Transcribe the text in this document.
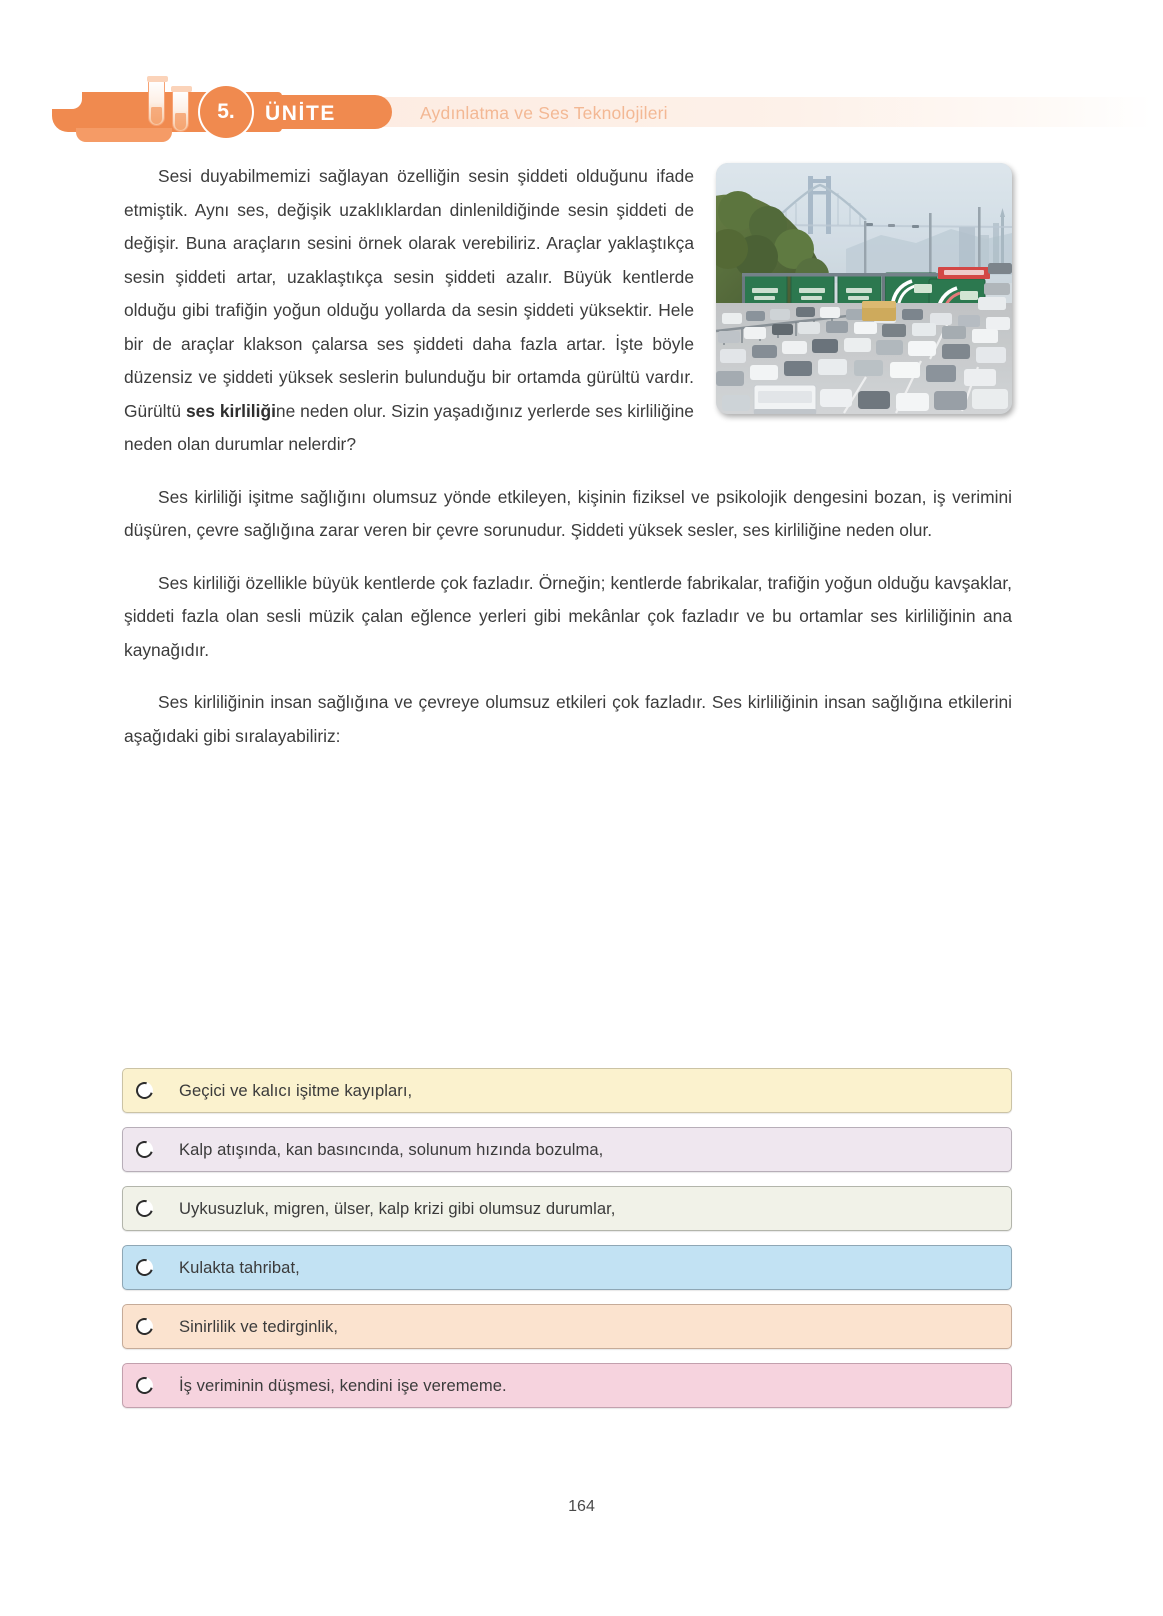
5.	ÜNİTE	Aydınlatma ve Ses Teknolojileri

Sesi duyabilmemizi sağlayan özelliğin sesin şiddeti olduğunu ifade etmiştik. Aynı ses, değişik uzaklıklardan dinlenildiğinde sesin şiddeti de değişir. Buna araçların sesini örnek olarak verebiliriz. Araçlar yaklaştıkça sesin şiddeti artar, uzaklaştıkça sesin şiddeti azalır. Büyük kentlerde olduğu gibi trafiğin yoğun olduğu yollarda da sesin şiddeti yüksektir. Hele bir de araçlar klakson çalarsa ses şiddeti daha fazla artar. İşte böyle düzensiz ve şiddeti yüksek seslerin bulunduğu bir ortamda gürültü vardır. Gürültü ses kirliliğine neden olur. Sizin yaşadığınız yerlerde ses kirliliğine neden olan durumlar nelerdir?

Ses kirliliği işitme sağlığını olumsuz yönde etkileyen, kişinin fiziksel ve psikolojik dengesini bozan, iş verimini düşüren, çevre sağlığına zarar veren bir çevre sorunudur. Şiddeti yüksek sesler, ses kirliliğine neden olur.

Ses kirliliği özellikle büyük kentlerde çok fazladır. Örneğin; kentlerde fabrikalar, trafiğin yoğun olduğu kavşaklar, şiddeti fazla olan sesli müzik çalan eğlence yerleri gibi mekânlar çok fazladır ve bu ortamlar ses kirliliğinin ana kaynağıdır.

Ses kirliliğinin insan sağlığına ve çevreye olumsuz etkileri çok fazladır. Ses kirliliğinin insan sağlığına etkilerini aşağıdaki gibi sıralayabiliriz:

Geçici ve kalıcı işitme kayıpları,
Kalp atışında, kan basıncında, solunum hızında bozulma,
Uykusuzluk, migren, ülser, kalp krizi gibi olumsuz durumlar,
Kulakta tahribat,
Sinirlilik ve tedirginlik,
İş veriminin düşmesi, kendini işe verememe.
164
